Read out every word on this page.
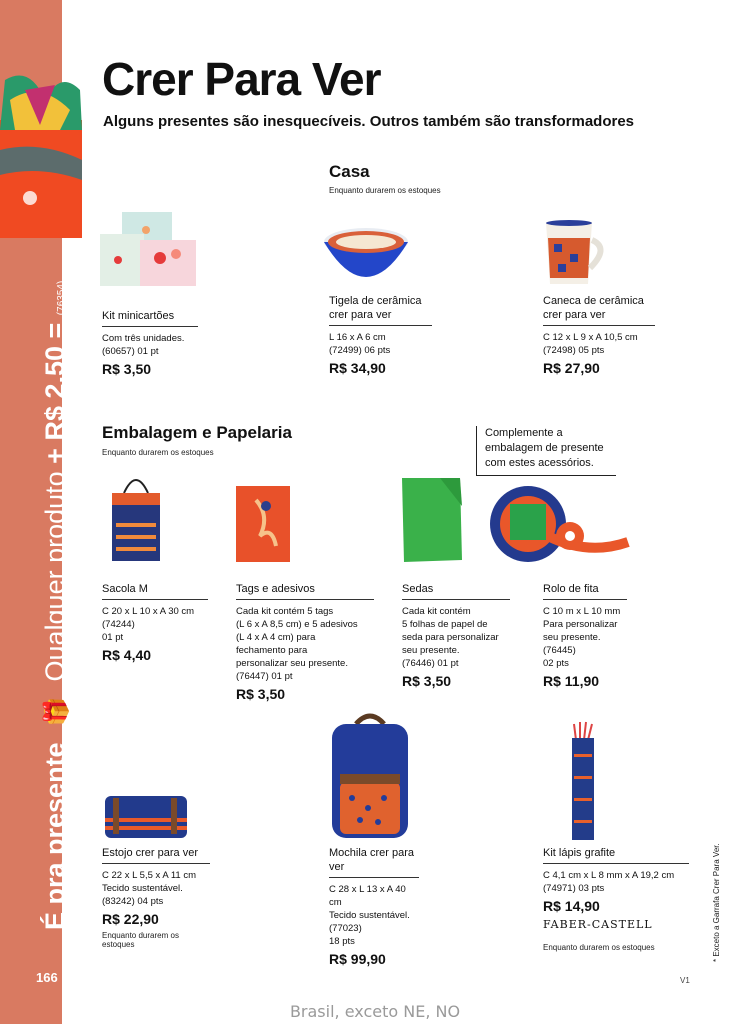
É pra presente 🎁 Qualquer produto + R$ 2,50 = (76354)
166
Crer Para Ver
Alguns presentes são inesquecíveis. Outros também são transformadores
Casa
Enquanto durarem os estoques
Kit minicartões
Com três unidades.
(60657) 01 pt
R$ 3,50
Tigela de cerâmica crer para ver
L 16 x A 6 cm
(72499) 06 pts
R$ 34,90
Caneca de cerâmica crer para ver
C 12 x L 9 x A 10,5 cm
(72498) 05 pts
R$ 27,90
Embalagem e Papelaria
Enquanto durarem os estoques
Complemente a embalagem de presente com estes acessórios.
Sacola M
C 20 x L 10 x A 30 cm
(74244)
01 pt
R$ 4,40
Tags e adesivos
Cada kit contém 5 tags
(L 6 x A 8,5 cm) e 5 adesivos
(L 4 x A 4 cm) para
fechamento para
personalizar seu presente.
(76447) 01 pt
R$ 3,50
Sedas
Cada kit contém
5 folhas de papel de
seda para personalizar
seu presente.
(76446) 01 pt
R$ 3,50
Rolo de fita
C 10 m x L 10 mm
Para personalizar
seu presente.
(76445)
02 pts
R$ 11,90
Estojo crer para ver
C 22 x L 5,5 x A 11 cm
Tecido sustentável.
(83242) 04 pts
R$ 22,90
Enquanto durarem os estoques
Mochila crer para ver
C 28 x L 13 x A 40 cm
Tecido sustentável.
(77023)
18 pts
R$ 99,90
Kit lápis grafite
C 4,1 cm x L 8 mm x A 19,2 cm
(74971) 03 pts
R$ 14,90
FABER-CASTELL
Enquanto durarem os estoques	* Exceto a Garrafa Crer Para Ver.
V1
Brasil, exceto NE, NO
